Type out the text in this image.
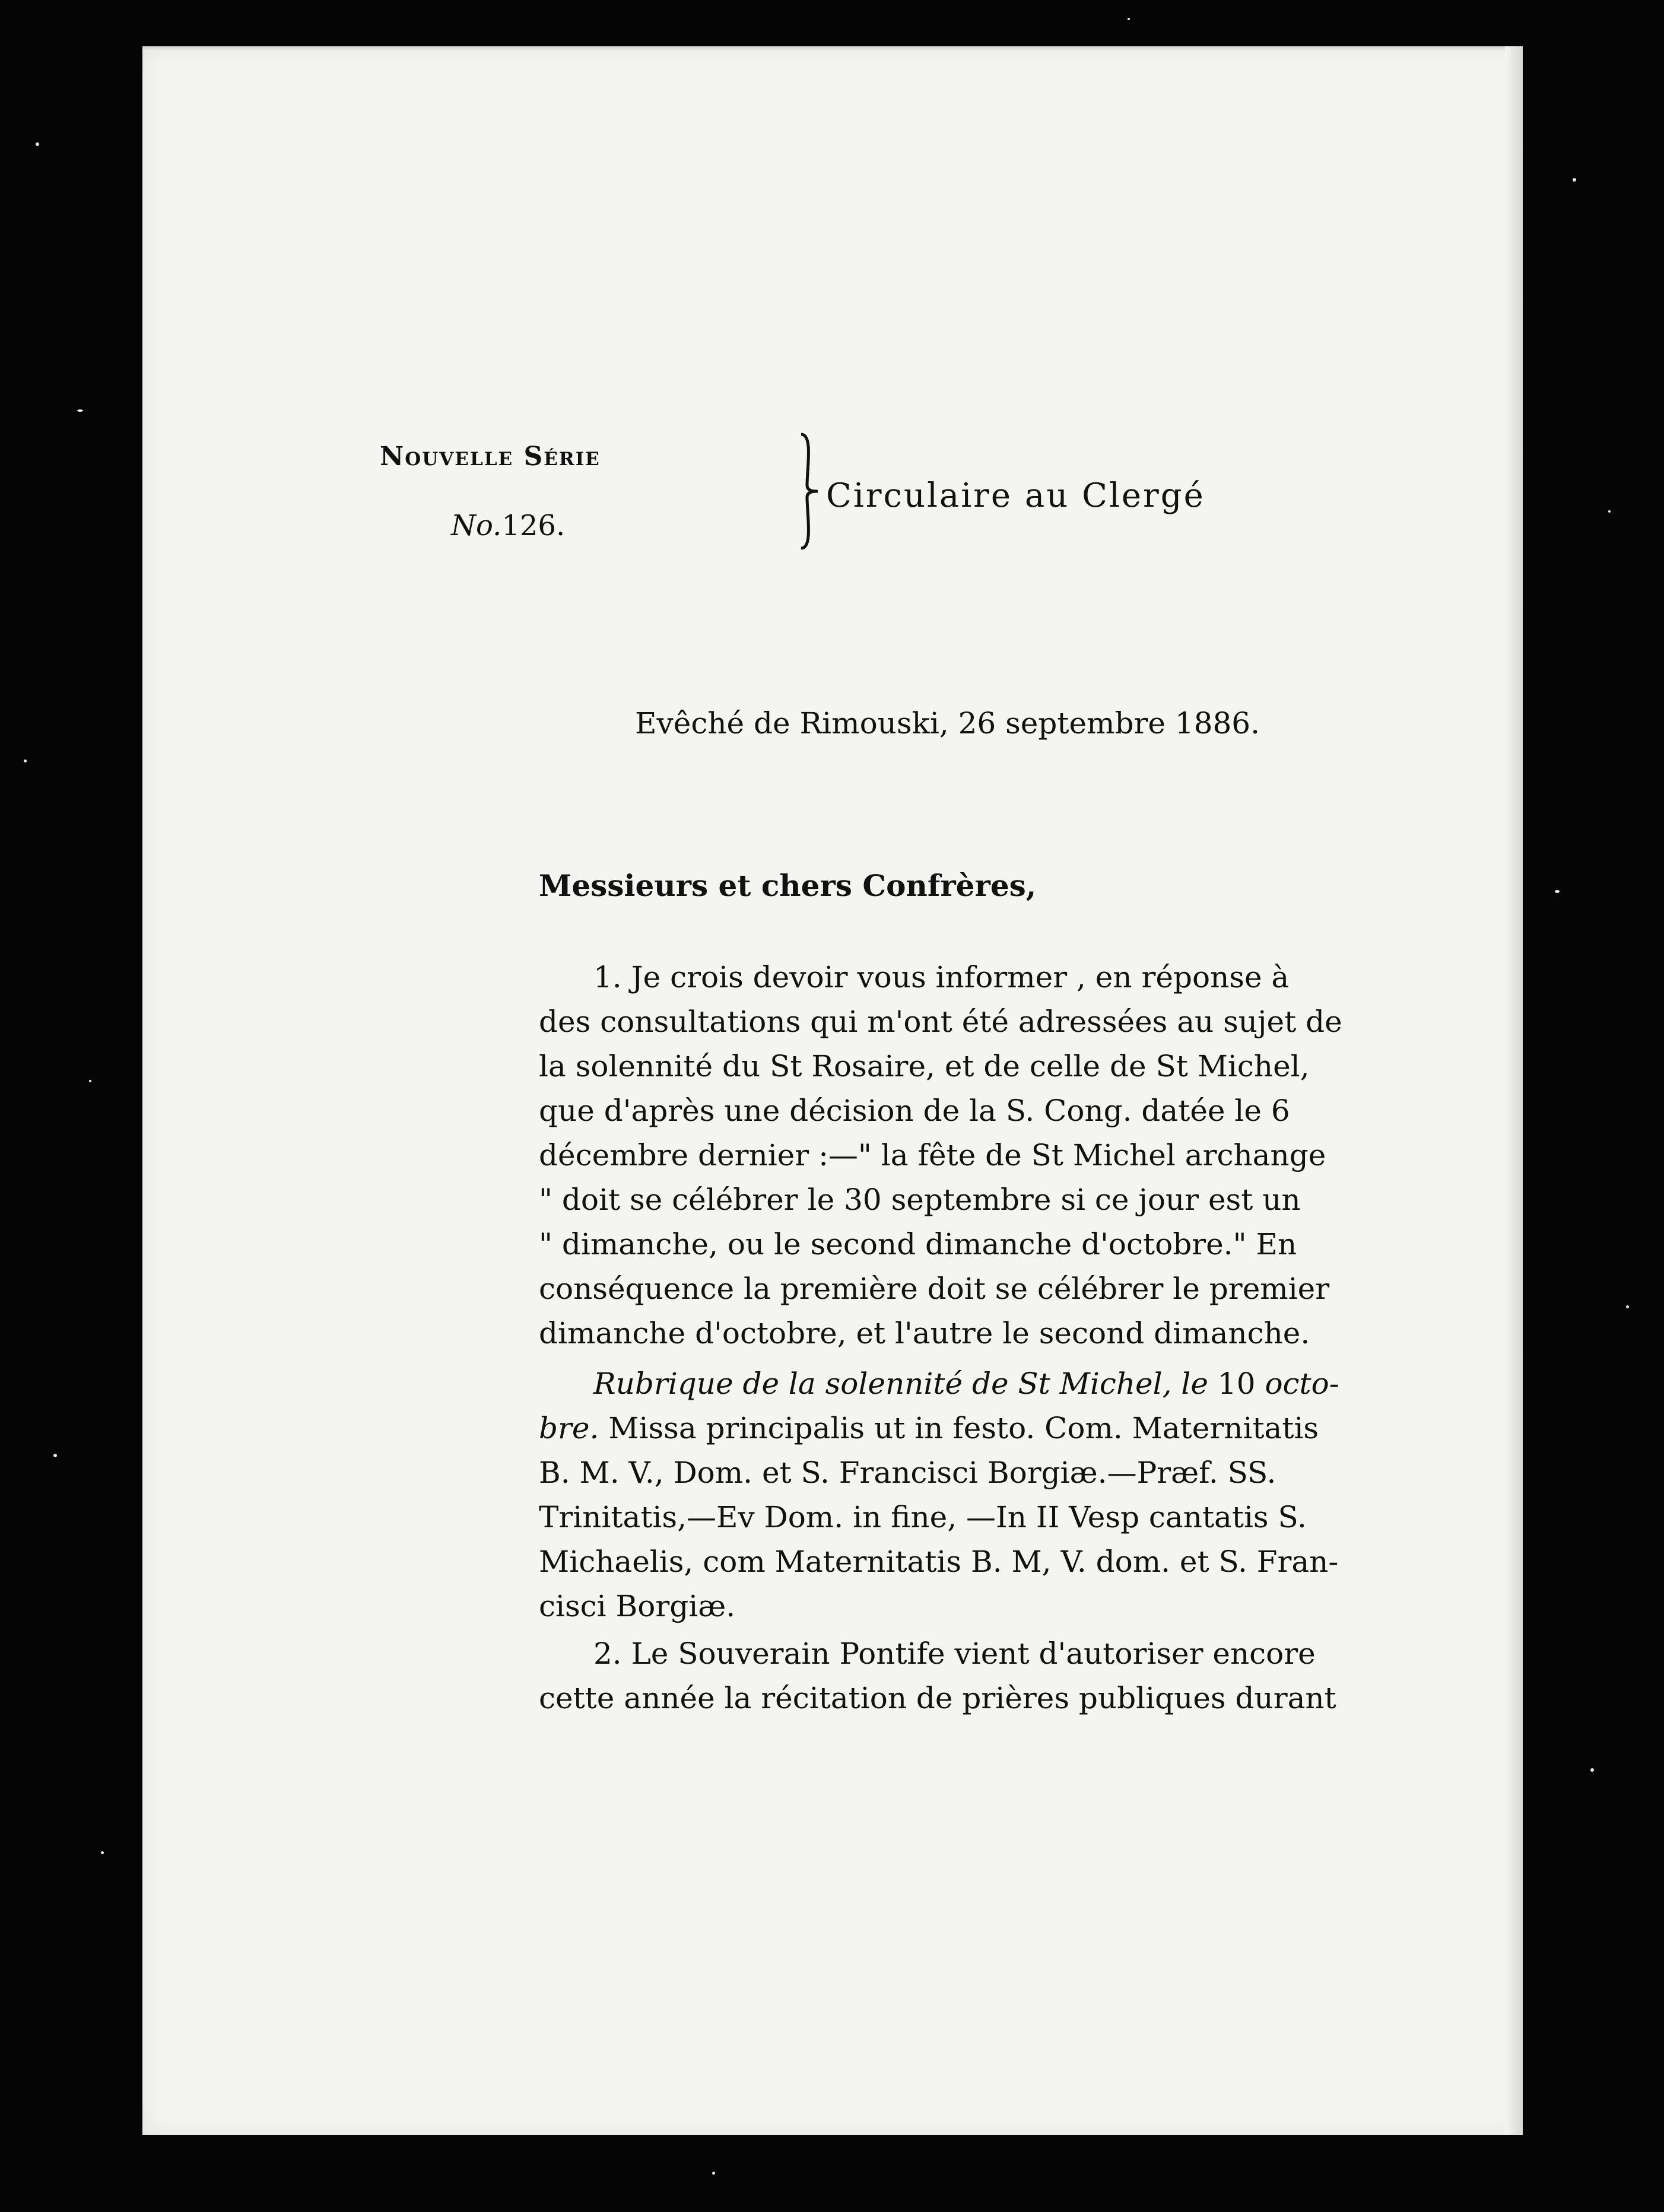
Nouvelle Série
No.126.
Circulaire au Clergé
Evêché de Rimouski, 26 septembre 1886.
Messieurs et chers Confrères,
1. Je crois devoir vous informer , en réponse à
des consultations qui m'ont été adressées au sujet de
la solennité du St Rosaire, et de celle de St Michel,
que d'après une décision de la S. Cong. datée le 6
décembre dernier :—" la fête de St Michel archange
" doit se célébrer le 30 septembre si ce jour est un
" dimanche, ou le second dimanche d'octobre." En
conséquence la première doit se célébrer le premier
dimanche d'octobre, et l'autre le second dimanche.
Rubrique de la solennité de St Michel, le 10 octo-
bre. Missa principalis ut in festo. Com. Maternitatis
B. M. V., Dom. et S. Francisci Borgiæ.—Præf. SS.
Trinitatis,—Ev Dom. in fine, —In II Vesp cantatis S.
Michaelis, com Maternitatis B. M, V. dom. et S. Fran-
cisci Borgiæ.
2. Le Souverain Pontife vient d'autoriser encore
cette année la récitation de prières publiques durant
